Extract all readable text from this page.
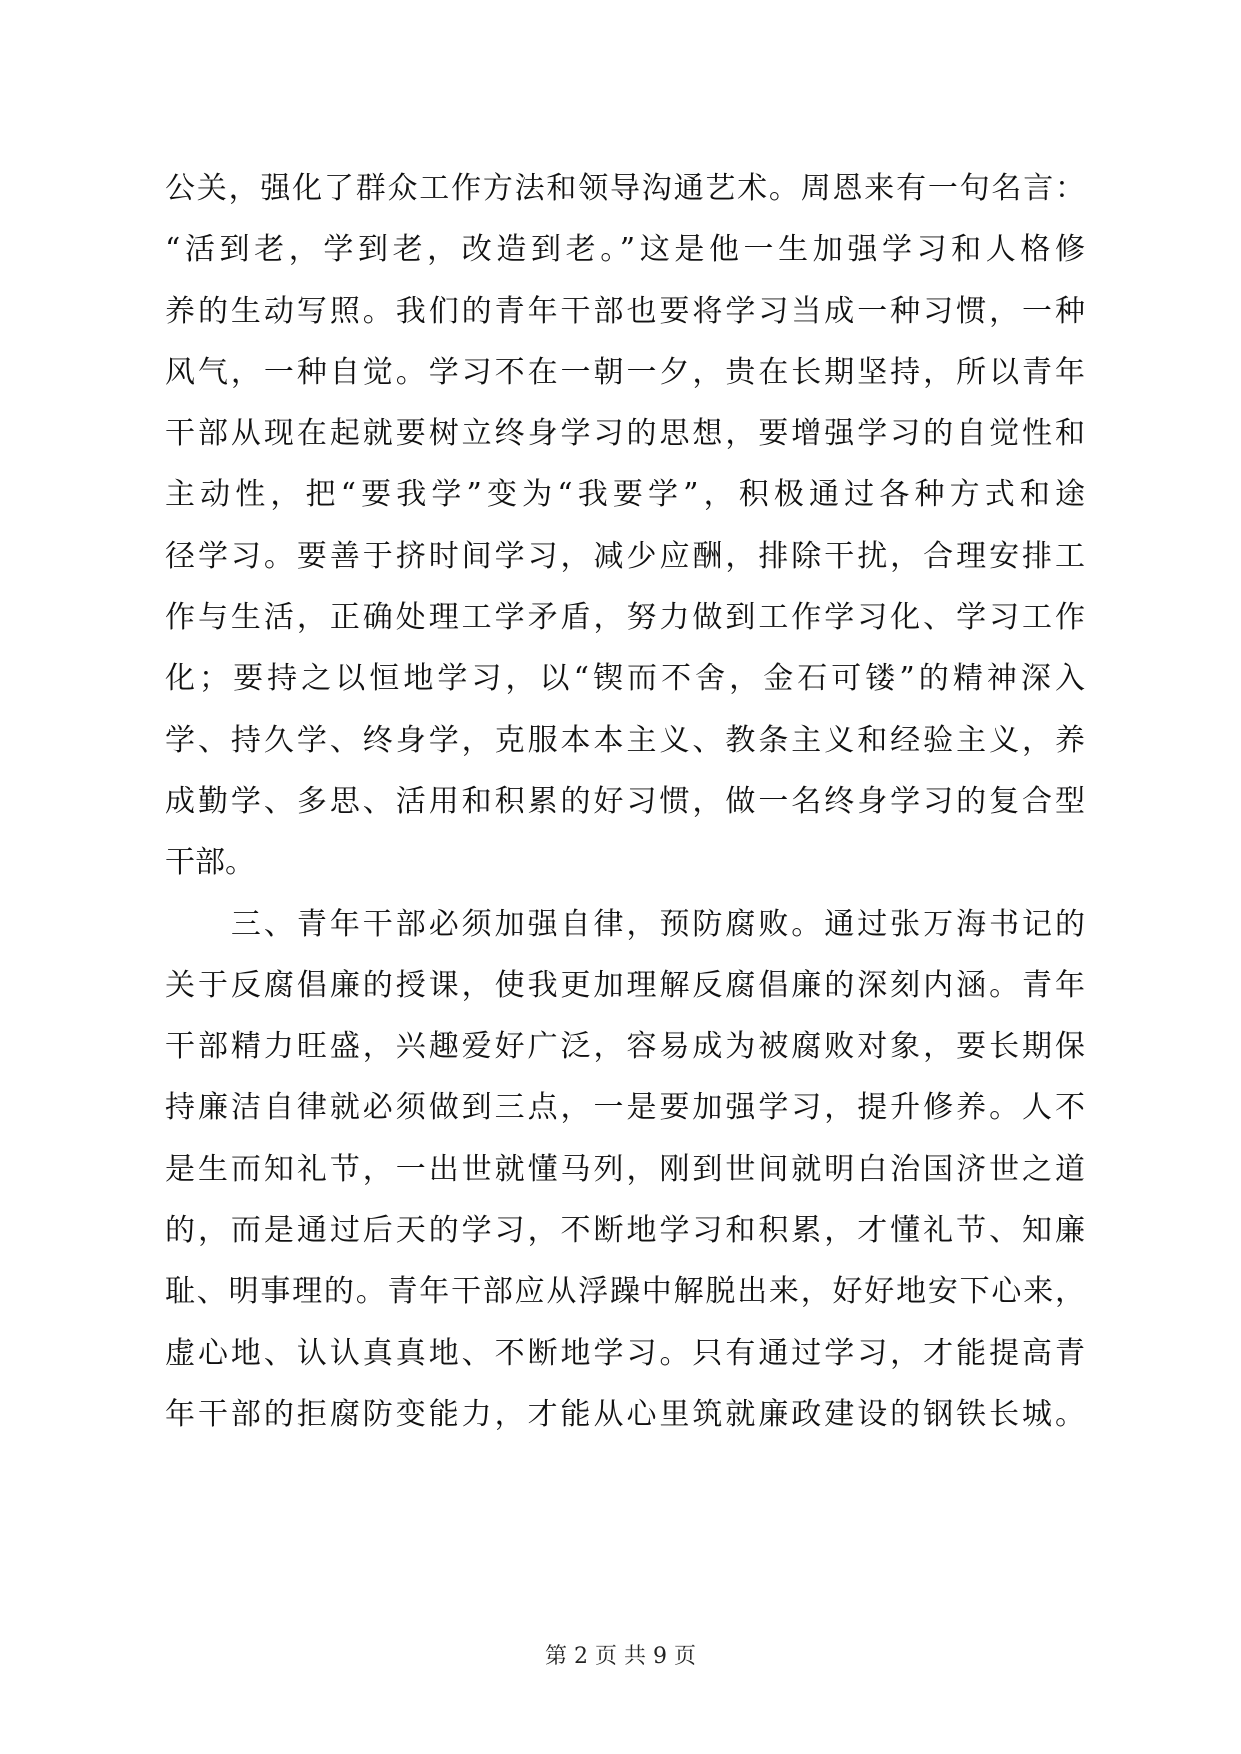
公关，强化了群众工作方法和领导沟通艺术。周恩来有一句名言：
“活到老，学到老，改造到老。”这是他一生加强学习和人格修
养的生动写照。我们的青年干部也要将学习当成一种习惯，一种
风气，一种自觉。学习不在一朝一夕，贵在长期坚持，所以青年
干部从现在起就要树立终身学习的思想，要增强学习的自觉性和
主动性，把“要我学”变为“我要学”，积极通过各种方式和途
径学习。要善于挤时间学习，减少应酬，排除干扰，合理安排工
作与生活，正确处理工学矛盾，努力做到工作学习化、学习工作
化；要持之以恒地学习，以“锲而不舍，金石可镂”的精神深入
学、持久学、终身学，克服本本主义、教条主义和经验主义，养
成勤学、多思、活用和积累的好习惯，做一名终身学习的复合型
干部。
　　三、青年干部必须加强自律，预防腐败。通过张万海书记的
关于反腐倡廉的授课，使我更加理解反腐倡廉的深刻内涵。青年
干部精力旺盛，兴趣爱好广泛，容易成为被腐败对象，要长期保
持廉洁自律就必须做到三点，一是要加强学习，提升修养。人不
是生而知礼节，一出世就懂马列，刚到世间就明白治国济世之道
的，而是通过后天的学习，不断地学习和积累，才懂礼节、知廉
耻、明事理的。青年干部应从浮躁中解脱出来，好好地安下心来，
虚心地、认认真真地、不断地学习。只有通过学习，才能提高青
年干部的拒腐防变能力，才能从心里筑就廉政建设的钢铁长城。
第 2 页 共 9 页
